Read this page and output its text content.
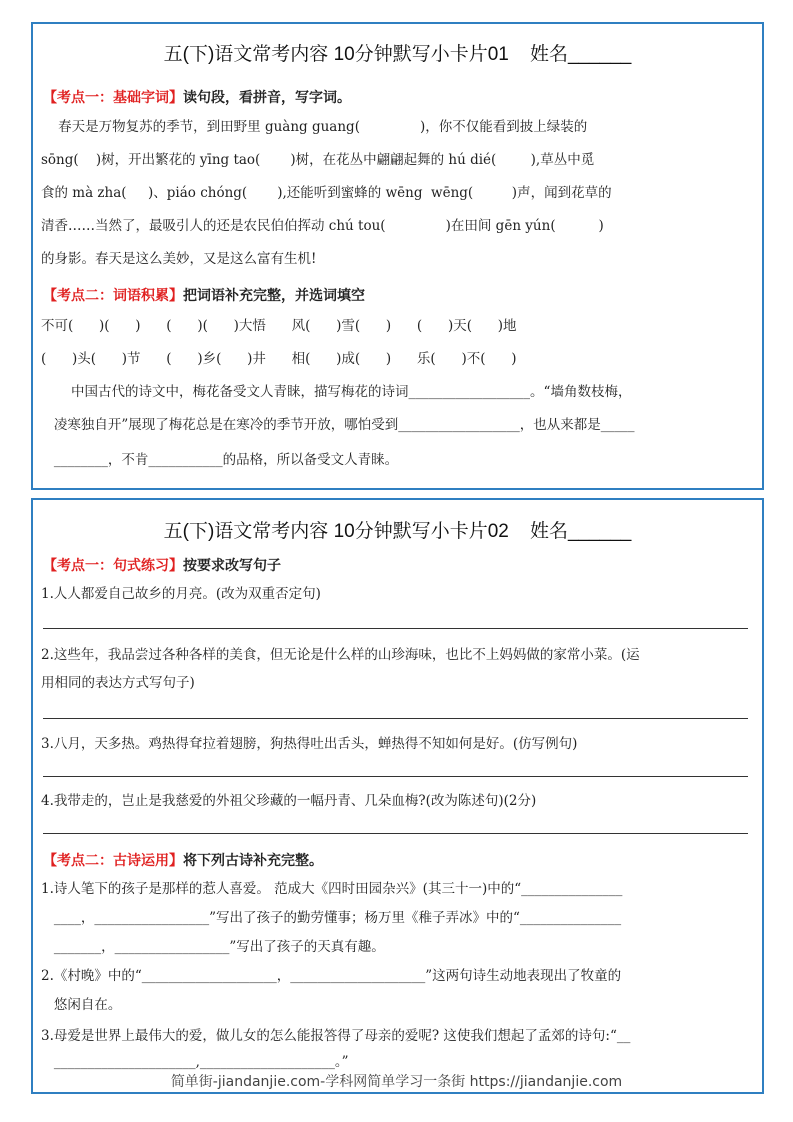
五(下)语文常考内容 10分钟默写小卡片01    姓名______
【考点一：基础字词】读句段，看拼音，写字词。
春天是万物复苏的季节，到田野里 guàng guang(              )，你不仅能看到披上绿装的
sōng(    )树，开出繁花的 yīng tao(       )树，在花丛中翩翩起舞的 hú dié(        ),草丛中觅
食的 mà zha(     )、piáo chóng(       ),还能听到蜜蜂的 wēng  wēng(         )声，闻到花草的
清香……当然了，最吸引人的还是农民伯伯挥动 chú tou(              )在田间 gēn yún(          )
的身影。春天是这么美妙，又是这么富有生机!
【考点二：词语积累】把词语补充完整，并选词填空
不可(      )(      )      (      )(      )大悟      风(      )雪(      )      (      )天(      )地
(      )头(      )节      (      )乡(      )井      相(      )成(      )      乐(      )不(      )
中国古代的诗文中，梅花备受文人青睐，描写梅花的诗词__________________。“墙角数枝梅，
凌寒独自开”展现了梅花总是在寒冷的季节开放，哪怕受到__________________，也从来都是_____
________，不肯___________的品格，所以备受文人青睐。
五(下)语文常考内容 10分钟默写小卡片02    姓名______
【考点一：句式练习】按要求改写句子
1.人人都爱自己故乡的月亮。(改为双重否定句)
2.这些年，我品尝过各种各样的美食，但无论是什么样的山珍海味，也比不上妈妈做的家常小菜。(运
用相同的表达方式写句子)
3.八月，天多热。鸡热得耷拉着翅膀，狗热得吐出舌头，蝉热得不知如何是好。(仿写例句)
4.我带走的，岂止是我慈爱的外祖父珍藏的一幅丹青、几朵血梅?(改为陈述句)(2分)
【考点二：古诗运用】将下列古诗补充完整。
1.诗人笔下的孩子是那样的惹人喜爱。 范成大《四时田园杂兴》(其三十一)中的“_______________
____，_________________”写出了孩子的勤劳懂事；杨万里《稚子弄冰》中的“_______________
_______，_________________”写出了孩子的天真有趣。
2.《村晚》中的“____________________，____________________”这两句诗生动地表现出了牧童的
悠闲自在。
3.母爱是世界上最伟大的爱，做儿女的怎么能报答得了母亲的爱呢? 这使我们想起了孟郊的诗句:“__
_____________________,____________________。”
简单街-jiandanjie.com-学科网简单学习一条街 https://jiandanjie.com
